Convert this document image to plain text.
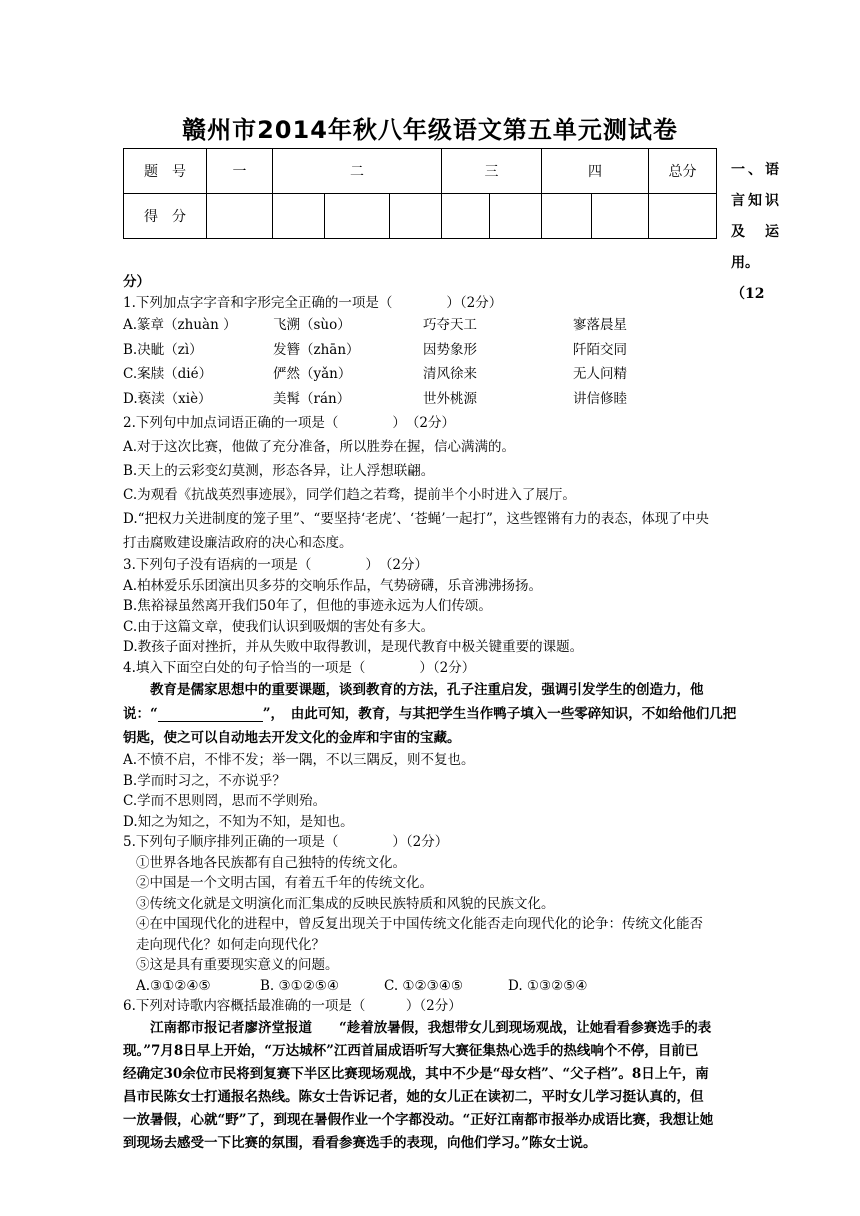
赣州市2014年秋八年级语文第五单元测试卷
题　号	一	二			三		四		总分
得　分									
一 、 语
言 知 识
及 运
用。（12
分）
1.下列加点字字音和字形完全正确的一项是（　　　　）（2分）
A.篆章（zhuàn ）	飞溯（sùo）	巧夺天工	寥落晨星
B.决眦（zì）	发簪（zhān）	因势象形	阡陌交同
C.案牍（dié）	俨然（yǎn）	清风徐来	无人问精
D.亵渎（xiè）	美髯（rán）	世外桃源	讲信修睦
2.下列句中加点词语正确的一项是（　　　　）　（2分）
A.对于这次比赛，他做了充分准备，所以胜券在握，信心满满的。
B.天上的云彩变幻莫测，形态各异，让人浮想联翩。
C.为观看《抗战英烈事迹展》，同学们趋之若骛，提前半个小时进入了展厅。
D.“把权力关进制度的笼子里”、“要坚持‘老虎’、‘苍蝇’一起打”，这些铿锵有力的表态，体现了中央
打击腐败建设廉洁政府的决心和态度。
3.下列句子没有语病的一项是（　　　　）　（2分）
A.柏林爱乐乐团演出贝多芬的交响乐作品，气势磅礴，乐音沸沸扬扬。
B.焦裕禄虽然离开我们50年了，但他的事迹永远为人们传颂。
C.由于这篇文章，使我们认识到吸烟的害处有多大。
D.教孩子面对挫折，并从失败中取得教训，是现代教育中极关键重要的课题。
4.填入下面空白处的句子恰当的一项是（　　　　）（2分）
教育是儒家思想中的重要课题，谈到教育的方法，孔子注重启发，强调引发学生的创造力，他
说：“	”，　由此可知，教育，与其把学生当作鸭子填入一些零碎知识，不如给他们几把
钥匙，使之可以自动地去开发文化的金库和宇宙的宝藏。
A.不愤不启，不悱不发；举一隅，不以三隅反，则不复也。
B.学而时习之，不亦说乎？
C.学而不思则罔，思而不学则殆。
D.知之为知之，不知为不知，是知也。
5.下列句子顺序排列正确的一项是（　　　　）（2分）
①世界各地各民族都有自己独特的传统文化。
②中国是一个文明古国，有着五千年的传统文化。
③传统文化就是文明演化而汇集成的反映民族特质和风貌的民族文化。
④在中国现代化的进程中，曾反复出现关于中国传统文化能否走向现代化的论争：传统文化能否
走向现代化？如何走向现代化？
⑤这是具有重要现实意义的问题。
A.③①②④⑤	B. ③①②⑤④	C. ①②③④⑤	D. ①③②⑤④
6.下列对诗歌内容概括最准确的一项是（　　　）（2分）
江南都市报记者廖济堂报道　　“趁着放暑假，我想带女儿到现场观战，让她看看参赛选手的表
现。”7月8日早上开始，“万达城杯”江西首届成语听写大赛征集热心选手的热线响个不停，目前已
经确定30余位市民将到复赛下半区比赛现场观战，其中不少是“母女档”、“父子档”。8日上午，南
昌市民陈女士打通报名热线。陈女士告诉记者，她的女儿正在读初二，平时女儿学习挺认真的，但
一放暑假，心就“野”了，到现在暑假作业一个字都没动。“正好江南都市报举办成语比赛，我想让她
到现场去感受一下比赛的氛围，看看参赛选手的表现，向他们学习。”陈女士说。
